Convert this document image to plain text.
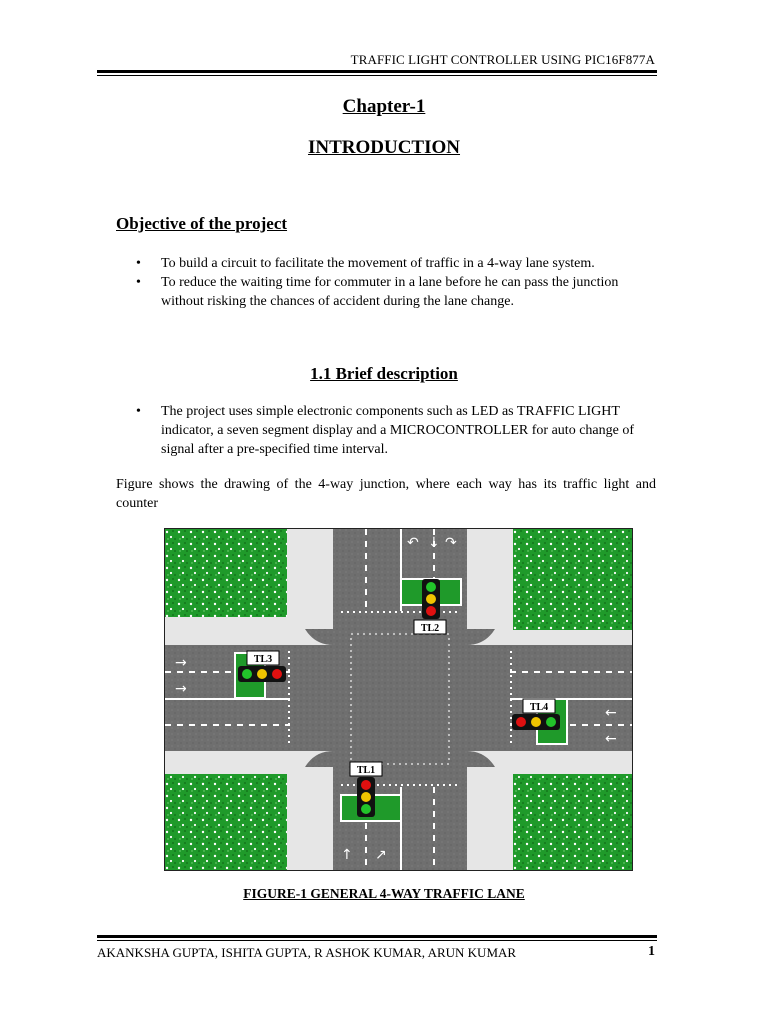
TRAFFIC LIGHT CONTROLLER USING PIC16F877A
Chapter-1
INTRODUCTION
Objective of the project
• To build a circuit to facilitate the movement of traffic in a 4-way lane system.
• To reduce the waiting time for commuter in a lane before he can pass the junction without risking the chances of accident during the lane change.
1.1 Brief description
• The project uses simple electronic components such as LED as TRAFFIC LIGHT indicator, a seven segment display and a MICROCONTROLLER for auto change of signal after a pre-specified time interval.
Figure shows the drawing of the 4-way junction, where each way has its traffic light and counter
↶ ↓ ↷
↑ ↗
→
→
←
←
TL2
TL3
TL4
TL1
FIGURE-1 GENERAL 4-WAY TRAFFIC LANE
AKANKSHA GUPTA, ISHITA GUPTA, R ASHOK KUMAR, ARUN KUMAR	1
